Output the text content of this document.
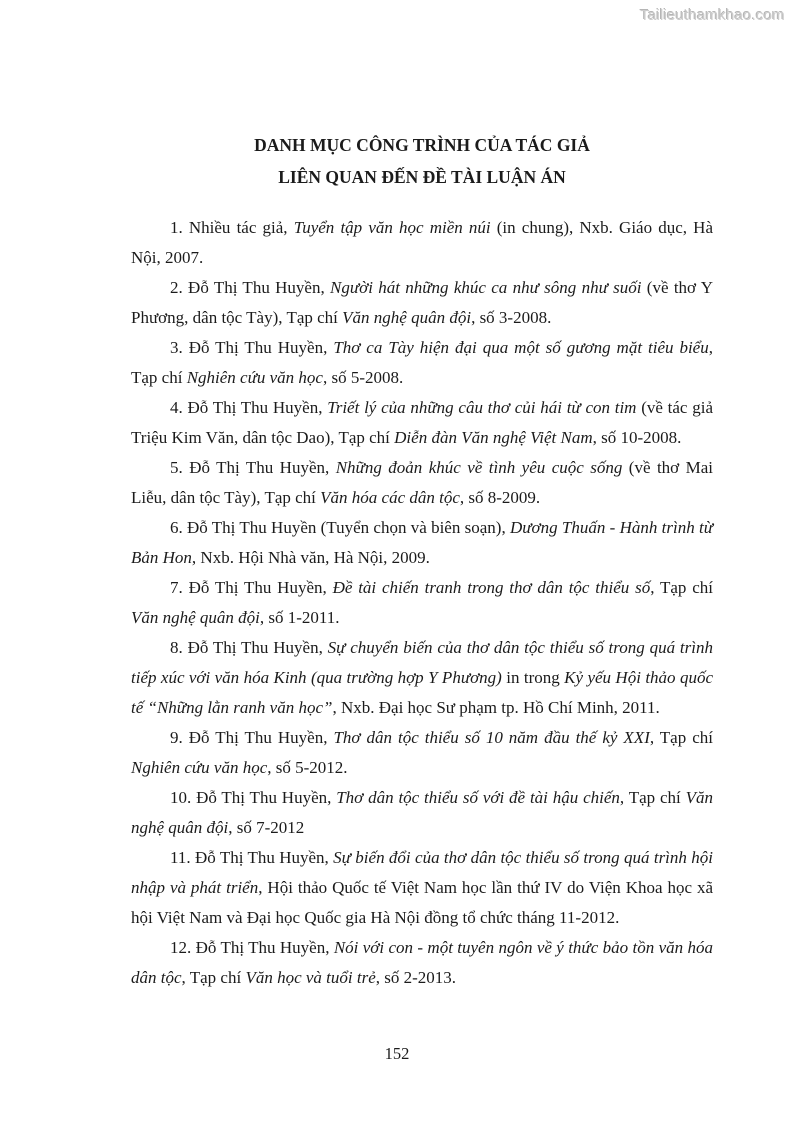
Tailieuthamkhao.com
DANH MỤC CÔNG TRÌNH CỦA TÁC GIẢ
LIÊN QUAN ĐẾN ĐỀ TÀI LUẬN ÁN

1. Nhiều tác giả, Tuyển tập văn học miền núi (in chung), Nxb. Giáo dục, Hà Nội, 2007.

2. Đỗ Thị Thu Huyền, Người hát những khúc ca như sông như suối (về thơ Y Phương, dân tộc Tày), Tạp chí Văn nghệ quân đội, số 3-2008.

3. Đỗ Thị Thu Huyền, Thơ ca Tày hiện đại qua một số gương mặt tiêu biểu, Tạp chí Nghiên cứu văn học, số 5-2008.

4. Đỗ Thị Thu Huyền, Triết lý của những câu thơ củi hái từ con tim (về tác giả Triệu Kim Văn, dân tộc Dao), Tạp chí Diễn đàn Văn nghệ Việt Nam, số 10-2008.

5. Đỗ Thị Thu Huyền, Những đoản khúc về tình yêu cuộc sống (về thơ Mai Liễu, dân tộc Tày), Tạp chí Văn hóa các dân tộc, số 8-2009.

6. Đỗ Thị Thu Huyền (Tuyển chọn và biên soạn), Dương Thuấn - Hành trình từ Bản Hon, Nxb. Hội Nhà văn, Hà Nội, 2009.

7. Đỗ Thị Thu Huyền, Đề tài chiến tranh trong thơ dân tộc thiểu số, Tạp chí Văn nghệ quân đội, số 1-2011.

8. Đỗ Thị Thu Huyền, Sự chuyển biến của thơ dân tộc thiểu số trong quá trình tiếp xúc với văn hóa Kinh (qua trường hợp Y Phương) in trong Kỷ yếu Hội thảo quốc tế “Những lằn ranh văn học”, Nxb. Đại học Sư phạm tp. Hồ Chí Minh, 2011.

9. Đỗ Thị Thu Huyền, Thơ dân tộc thiểu số 10 năm đầu thế kỷ XXI, Tạp chí Nghiên cứu văn học, số 5-2012.

10. Đỗ Thị Thu Huyền, Thơ dân tộc thiểu số với đề tài hậu chiến, Tạp chí Văn nghệ quân đội, số 7-2012

11. Đỗ Thị Thu Huyền, Sự biến đổi của thơ dân tộc thiểu số trong quá trình hội nhập và phát triển, Hội thảo Quốc tế Việt Nam học lần thứ IV do Viện Khoa học xã hội Việt Nam và Đại học Quốc gia Hà Nội đồng tổ chức tháng 11-2012.

12. Đỗ Thị Thu Huyền, Nói với con - một tuyên ngôn về ý thức bảo tồn văn hóa dân tộc, Tạp chí Văn học và tuổi trẻ, số 2-2013.

152
